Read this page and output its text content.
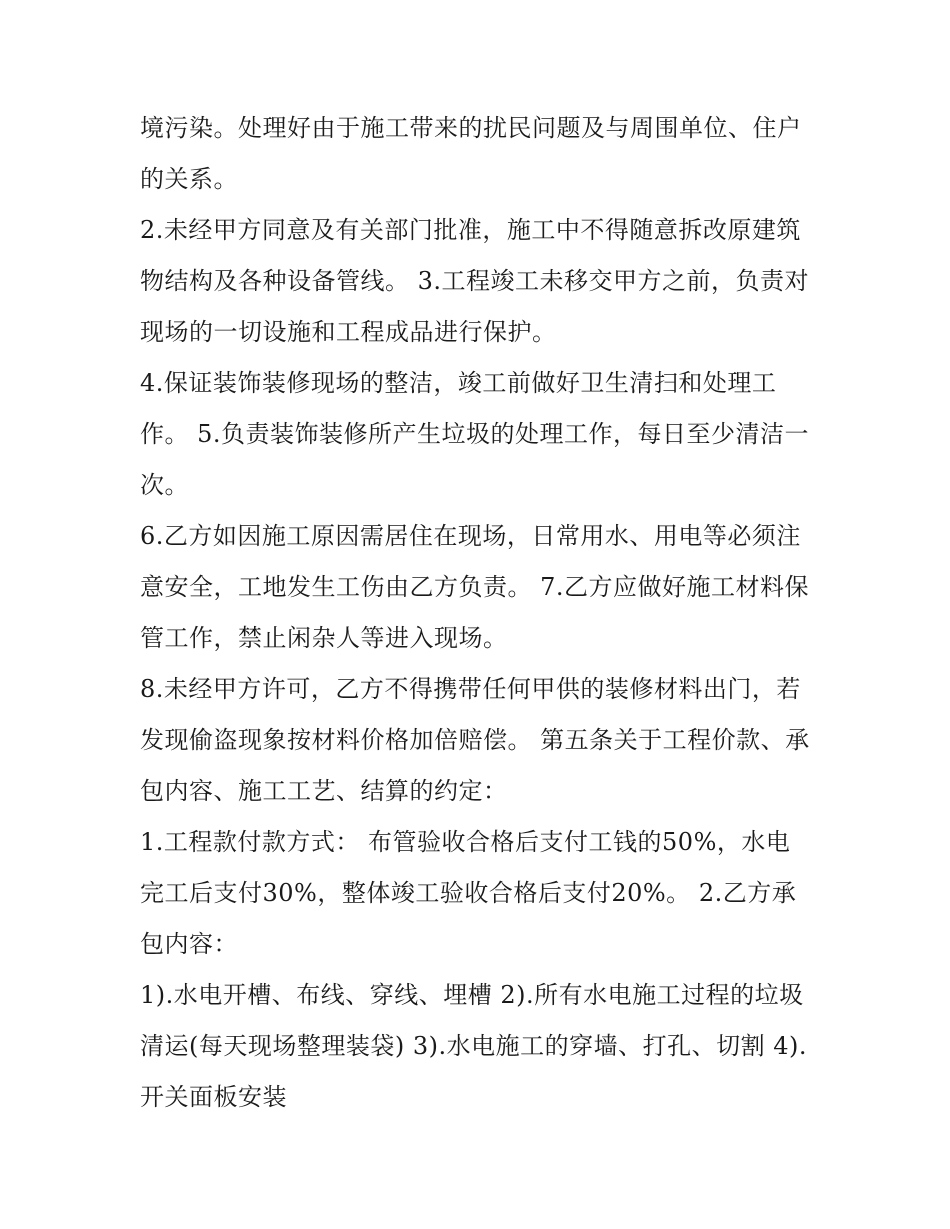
境污染。处理好由于施工带来的扰民问题及与周围单位、住户的关系。

2.未经甲方同意及有关部门批准，施工中不得随意拆改原建筑物结构及各种设备管线。 3.工程竣工未移交甲方之前，负责对现场的一切设施和工程成品进行保护。

4.保证装饰装修现场的整洁，竣工前做好卫生清扫和处理工作。 5.负责装饰装修所产生垃圾的处理工作，每日至少清洁一次。

6.乙方如因施工原因需居住在现场，日常用水、用电等必须注意安全，工地发生工伤由乙方负责。 7.乙方应做好施工材料保管工作，禁止闲杂人等进入现场。

8.未经甲方许可，乙方不得携带任何甲供的装修材料出门，若发现偷盗现象按材料价格加倍赔偿。 第五条关于工程价款、承包内容、施工工艺、结算的约定：

1.工程款付款方式： 布管验收合格后支付工钱的50%，水电完工后支付30%，整体竣工验收合格后支付20%。 2.乙方承包内容：

1).水电开槽、布线、穿线、埋槽 2).所有水电施工过程的垃圾清运(每天现场整理装袋) 3).水电施工的穿墙、打孔、切割 4).开关面板安装
